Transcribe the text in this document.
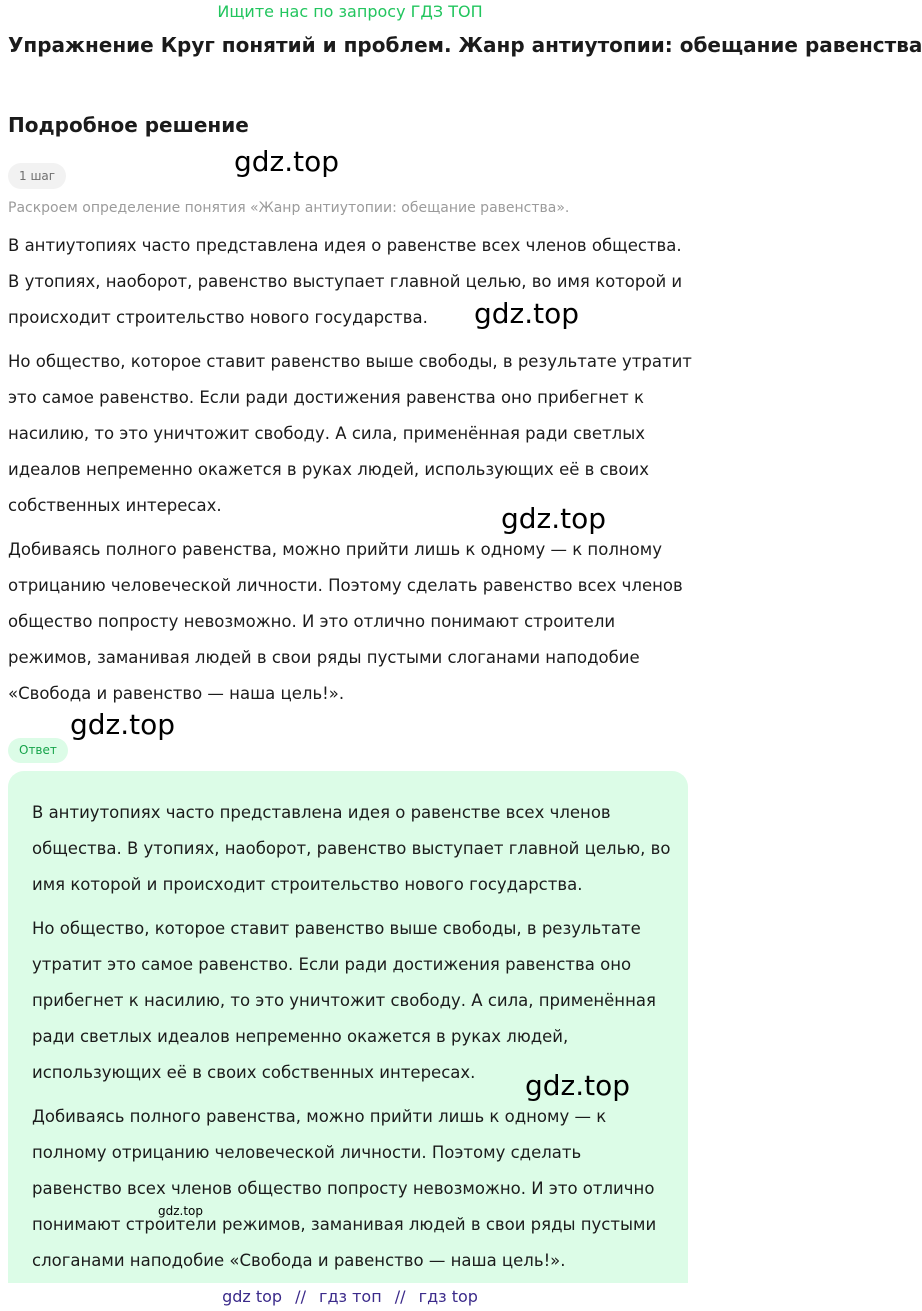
Ищите нас по запросу ГДЗ ТОП
Упражнение Круг понятий и проблем. Жанр антиутопии: обещание равенства
Подробное решение
1 шаг
Раскроем определение понятия «Жанр антиутопии: обещание равенства».

В антиутопиях часто представлена идея о равенстве всех членов общества. В утопиях, наоборот, равенство выступает главной целью, во имя которой и происходит строительство нового государства.

Но общество, которое ставит равенство выше свободы, в результате утратит это самое равенство. Если ради достижения равенства оно прибегнет к насилию, то это уничтожит свободу. А сила, применённая ради светлых идеалов непременно окажется в руках людей, использующих её в своих собственных интересах.

Добиваясь полного равенства, можно прийти лишь к одному — к полному отрицанию человеческой личности. Поэтому сделать равенство всех членов общество попросту невозможно. И это отлично понимают строители режимов, заманивая людей в свои ряды пустыми слоганами наподобие «Свобода и равенство — наша цель!».

Ответ

В антиутопиях часто представлена идея о равенстве всех членов общества. В утопиях, наоборот, равенство выступает главной целью, во имя которой и происходит строительство нового государства.

Но общество, которое ставит равенство выше свободы, в результате утратит это самое равенство. Если ради достижения равенства оно прибегнет к насилию, то это уничтожит свободу. А сила, применённая ради светлых идеалов непременно окажется в руках людей, использующих её в своих собственных интересах.

Добиваясь полного равенства, можно прийти лишь к одному — к полному отрицанию человеческой личности. Поэтому сделать равенство всех членов общество попросту невозможно. И это отлично понимают строители режимов, заманивая людей в свои ряды пустыми слоганами наподобие «Свобода и равенство — наша цель!».

gdz.top
gdz.top
gdz.top
gdz.top
gdz.top
gdz.top
gdz top // гдз топ // гдз top
